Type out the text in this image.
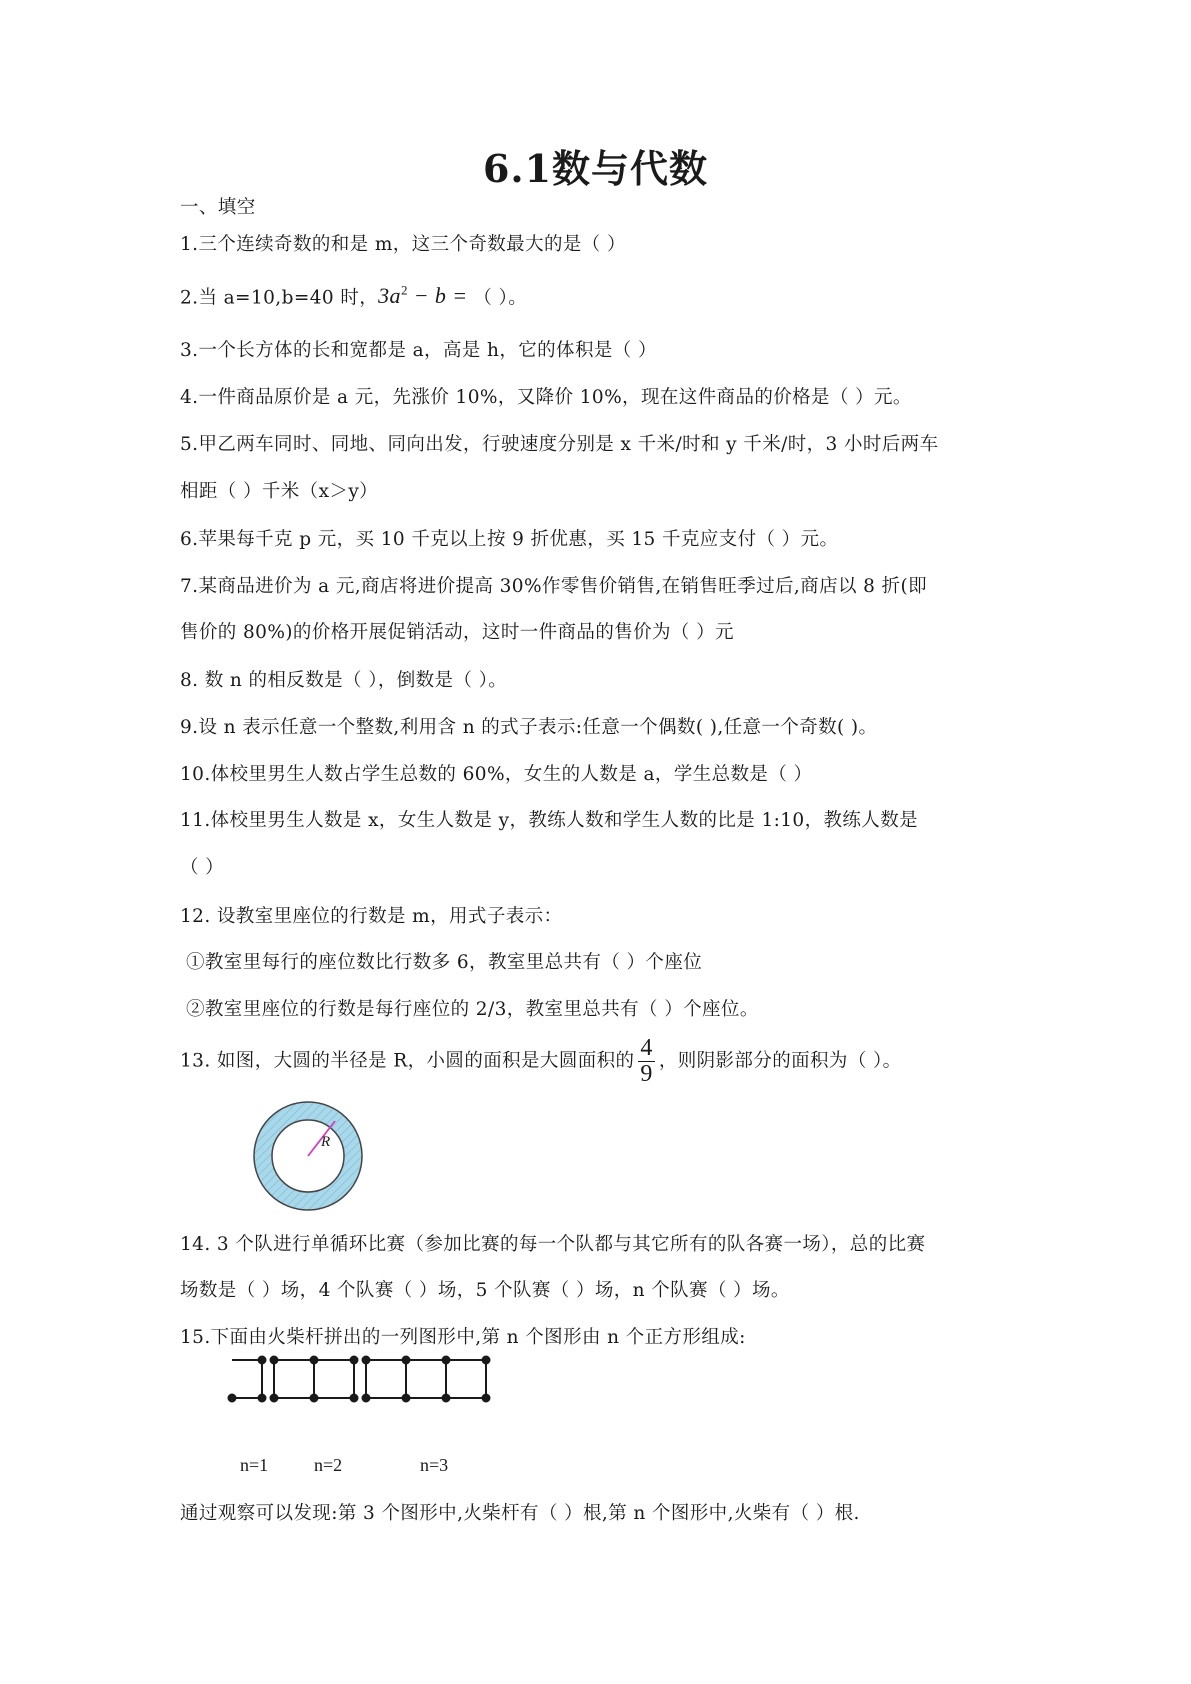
6.1数与代数
一、填空
1.三个连续奇数的和是 m，这三个奇数最大的是（ ）
2.当 a=10,b=40 时，$3a^2 - b$ = （ ）。
3.一个长方体的长和宽都是 a，高是 h，它的体积是（ ）
4.一件商品原价是 a 元，先涨价 10%，又降价 10%，现在这件商品的价格是（ ）元。
5.甲乙两车同时、同地、同向出发，行驶速度分别是 x 千米/时和 y 千米/时，3 小时后两车
相距（ ）千米（x＞y）
6.苹果每千克 p 元，买 10 千克以上按 9 折优惠，买 15 千克应支付（ ）元。
7.某商品进价为 a 元,商店将进价提高 30%作零售价销售,在销售旺季过后,商店以 8 折(即
售价的 80%)的价格开展促销活动，这时一件商品的售价为（ ）元
8. 数 n 的相反数是（ ），倒数是（ ）。
9.设 n 表示任意一个整数,利用含 n 的式子表示:任意一个偶数( ),任意一个奇数( )。
10.体校里男生人数占学生总数的 60%，女生的人数是 a，学生总数是（ ）
11.体校里男生人数是 x，女生人数是 y，教练人数和学生人数的比是 1:10，教练人数是
（ ）
12. 设教室里座位的行数是 m，用式子表示：
①教室里每行的座位数比行数多 6，教室里总共有（ ）个座位
②教室里座位的行数是每行座位的 2/3，教室里总共有（ ）个座位。
13. 如图，大圆的半径是 R，小圆的面积是大圆面积的 $\frac{4}{9}$ ，则阴影部分的面积为（ ）。
R
14. 3 个队进行单循环比赛（参加比赛的每一个队都与其它所有的队各赛一场），总的比赛
场数是（ ）场，4 个队赛（ ）场，5 个队赛（ ）场，n 个队赛（ ）场。
15.下面由火柴杆拼出的一列图形中,第 n 个图形由 n 个正方形组成:
n=1	n=2	n=3
通过观察可以发现:第 3 个图形中,火柴杆有（ ）根,第 n 个图形中,火柴有（ ）根.
